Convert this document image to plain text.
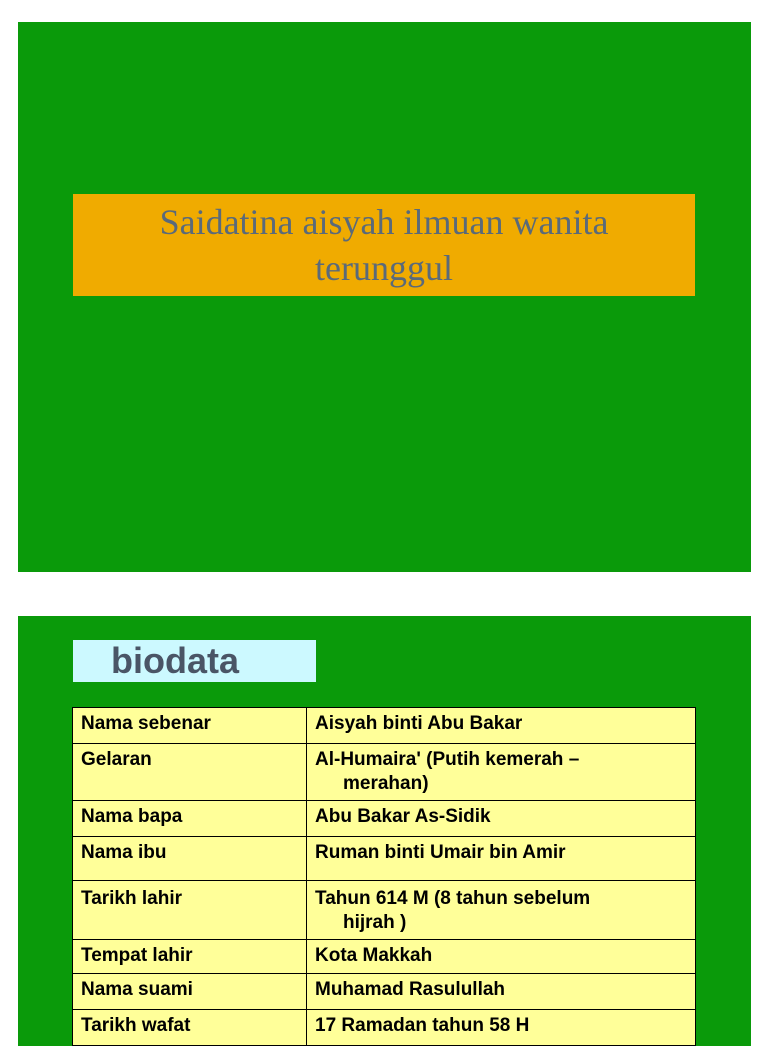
Saidatina aisyah ilmuan wanita
terunggul
biodata
Nama sebenar	Aisyah binti Abu Bakar
Gelaran	Al-Humaira' (Putih kemerah –
merahan)

Nama bapa	Abu Bakar As-Sidik
Nama ibu	Ruman binti Umair bin Amir
Tarikh lahir	Tahun 614 M (8 tahun sebelum
hijrah )

Tempat lahir	Kota Makkah
Nama suami	Muhamad Rasulullah
Tarikh wafat	17 Ramadan tahun 58 H
